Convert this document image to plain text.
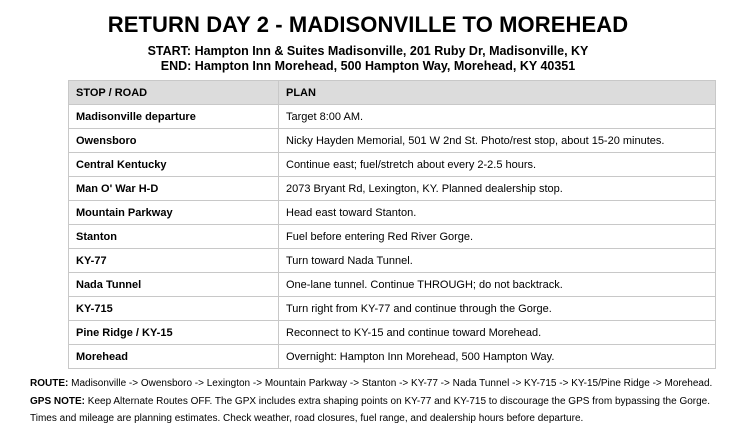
RETURN DAY 2 - MADISONVILLE TO MOREHEAD
START: Hampton Inn & Suites Madisonville, 201 Ruby Dr, Madisonville, KY
END: Hampton Inn Morehead, 500 Hampton Way, Morehead, KY 40351
STOP / ROAD	PLAN
Madisonville departure	Target 8:00 AM.
Owensboro	Nicky Hayden Memorial, 501 W 2nd St. Photo/rest stop, about 15-20 minutes.
Central Kentucky	Continue east; fuel/stretch about every 2-2.5 hours.
Man O' War H-D	2073 Bryant Rd, Lexington, KY. Planned dealership stop.
Mountain Parkway	Head east toward Stanton.
Stanton	Fuel before entering Red River Gorge.
KY-77	Turn toward Nada Tunnel.
Nada Tunnel	One-lane tunnel. Continue THROUGH; do not backtrack.
KY-715	Turn right from KY-77 and continue through the Gorge.
Pine Ridge / KY-15	Reconnect to KY-15 and continue toward Morehead.
Morehead	Overnight: Hampton Inn Morehead, 500 Hampton Way.
ROUTE: Madisonville -> Owensboro -> Lexington -> Mountain Parkway -> Stanton -> KY-77 -> Nada Tunnel -> KY-715 -> KY-15/Pine Ridge -> Morehead.
GPS NOTE: Keep Alternate Routes OFF. The GPX includes extra shaping points on KY-77 and KY-715 to discourage the GPS from bypassing the Gorge.
Times and mileage are planning estimates. Check weather, road closures, fuel range, and dealership hours before departure.
